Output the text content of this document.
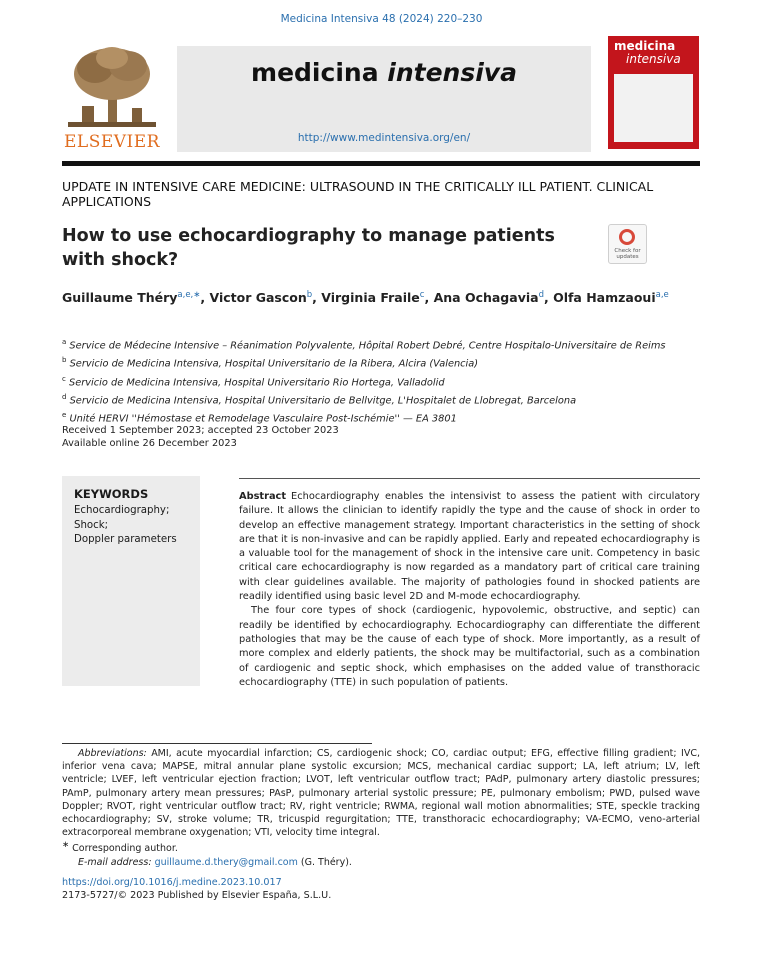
Medicina Intensiva 48 (2024) 220–230
ELSEVIER
medicina intensiva
http://www.medintensiva.org/en/
medicina
intensiva
UPDATE IN INTENSIVE CARE MEDICINE: ULTRASOUND IN THE CRITICALLY ILL PATIENT. CLINICAL APPLICATIONS
How to use echocardiography to manage patients with shock?	Check for updates
Guillaume Théry$^{a,e,∗}$, Victor Gascon$^b$, Virginia Fraile$^c$, Ana Ochagavia$^d$, Olfa Hamzaoui$^{a,e}$
$^a$ Service de Médecine Intensive – Réanimation Polyvalente, Hôpital Robert Debré, Centre Hospitalo-Universitaire de Reims
$^b$ Servicio de Medicina Intensiva, Hospital Universitario de la Ribera, Alcira (Valencia)
$^c$ Servicio de Medicina Intensiva, Hospital Universitario Rio Hortega, Valladolid
$^d$ Servicio de Medicina Intensiva, Hospital Universitario de Bellvitge, L'Hospitalet de Llobregat, Barcelona
$^e$ Unité HERVI ''Hémostase et Remodelage Vasculaire Post-Ischémie'' — EA 3801
Received 1 September 2023; accepted 23 October 2023
Available online 26 December 2023
KEYWORDS
Echocardiography;
Shock;
Doppler parameters

Abstract Echocardiography enables the intensivist to assess the patient with circulatory failure. It allows the clinician to identify rapidly the type and the cause of shock in order to develop an effective management strategy. Important characteristics in the setting of shock are that it is non-invasive and can be rapidly applied. Early and repeated echocardiography is a valuable tool for the management of shock in the intensive care unit. Competency in basic critical care echocardiography is now regarded as a mandatory part of critical care training with clear guidelines available. The majority of pathologies found in shocked patients are readily identified using basic level 2D and M-mode echocardiography.

The four core types of shock (cardiogenic, hypovolemic, obstructive, and septic) can readily be identified by echocardiography. Echocardiography can differentiate the different pathologies that may be the cause of each type of shock. More importantly, as a result of more complex and elderly patients, the shock may be multifactorial, such as a combination of cardiogenic and septic shock, which emphasises on the added value of transthoracic echocardiography (TTE) in such population of patients.

Abbreviations: AMI, acute myocardial infarction; CS, cardiogenic shock; CO, cardiac output; EFG, effective filling gradient; IVC, inferior vena cava; MAPSE, mitral annular plane systolic excursion; MCS, mechanical cardiac support; LA, left atrium; LV, left ventricle; LVEF, left ventricular ejection fraction; LVOT, left ventricular outflow tract; PAdP, pulmonary artery diastolic pressures; PAmP, pulmonary artery mean pressures; PAsP, pulmonary arterial systolic pressure; PE, pulmonary embolism; PWD, pulsed wave Doppler; RVOT, right ventricular outflow tract; RV, right ventricle; RWMA, regional wall motion abnormalities; STE, speckle tracking echocardiography; SV, stroke volume; TR, tricuspid regurgitation; TTE, transthoracic echocardiography; VA-ECMO, veno-arterial extracorporeal membrane oxygenation; VTI, velocity time integral.

∗ Corresponding author.

E-mail address: guillaume.d.thery@gmail.com (G. Théry).

https://doi.org/10.1016/j.medine.2023.10.017
2173-5727/© 2023 Published by Elsevier España, S.L.U.
